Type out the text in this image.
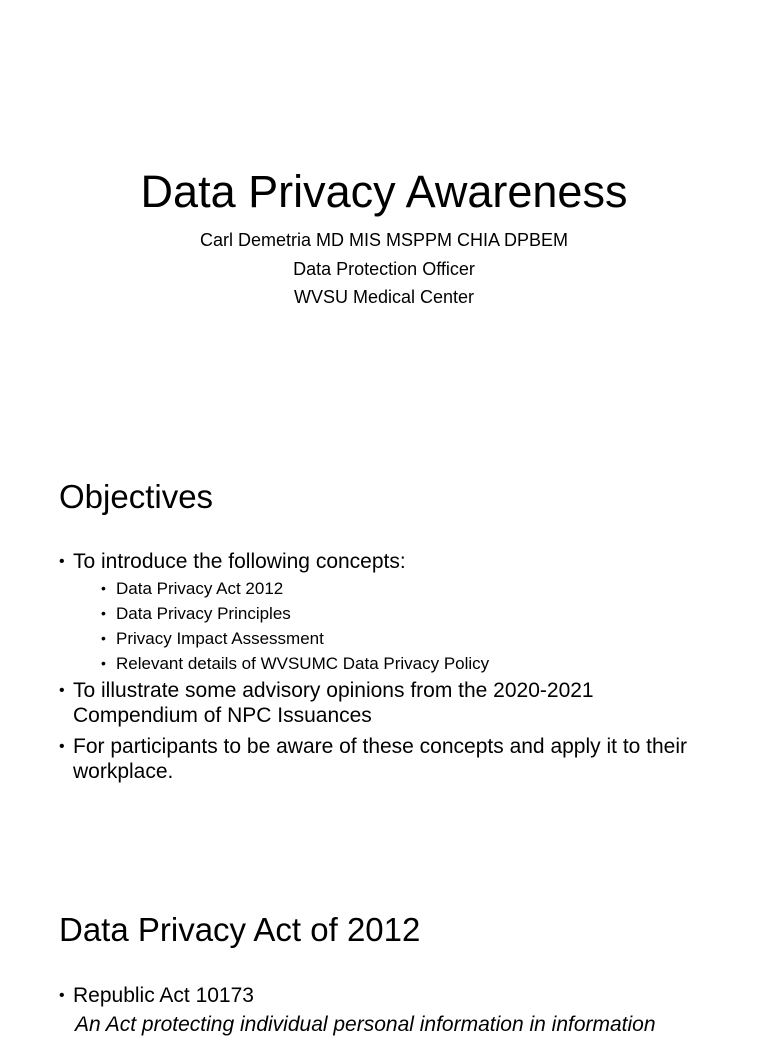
Data Privacy Awareness

Carl Demetria MD MIS MSPPM CHIA DPBEM

Data Protection Officer

WVSU Medical Center

Objectives
• To introduce the following concepts:
• Data Privacy Act 2012
• Data Privacy Principles
• Privacy Impact Assessment
• Relevant details of WVSUMC Data Privacy Policy
• To illustrate some advisory opinions from the 2020-2021 Compendium of NPC Issuances
• For participants to be aware of these concepts and apply it to their workplace.
Data Privacy Act of 2012
• Republic Act 10173

An Act protecting individual personal information in information
